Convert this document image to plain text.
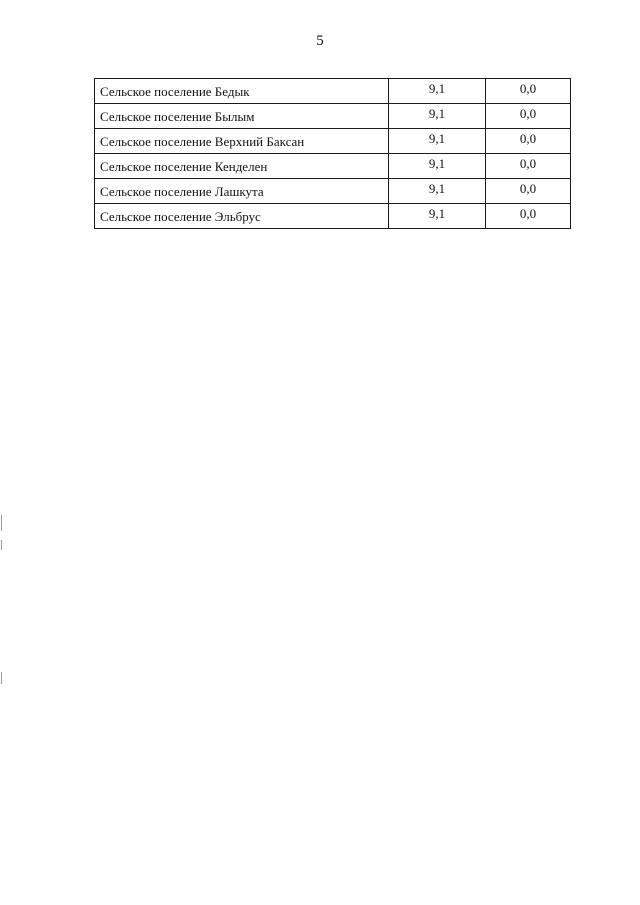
5
Сельское поселение Бедык	9,1	0,0
Сельское поселение Былым	9,1	0,0
Сельское поселение Верхний Баксан	9,1	0,0
Сельское поселение Кенделен	9,1	0,0
Сельское поселение Лашкута	9,1	0,0
Сельское поселение Эльбрус	9,1	0,0
